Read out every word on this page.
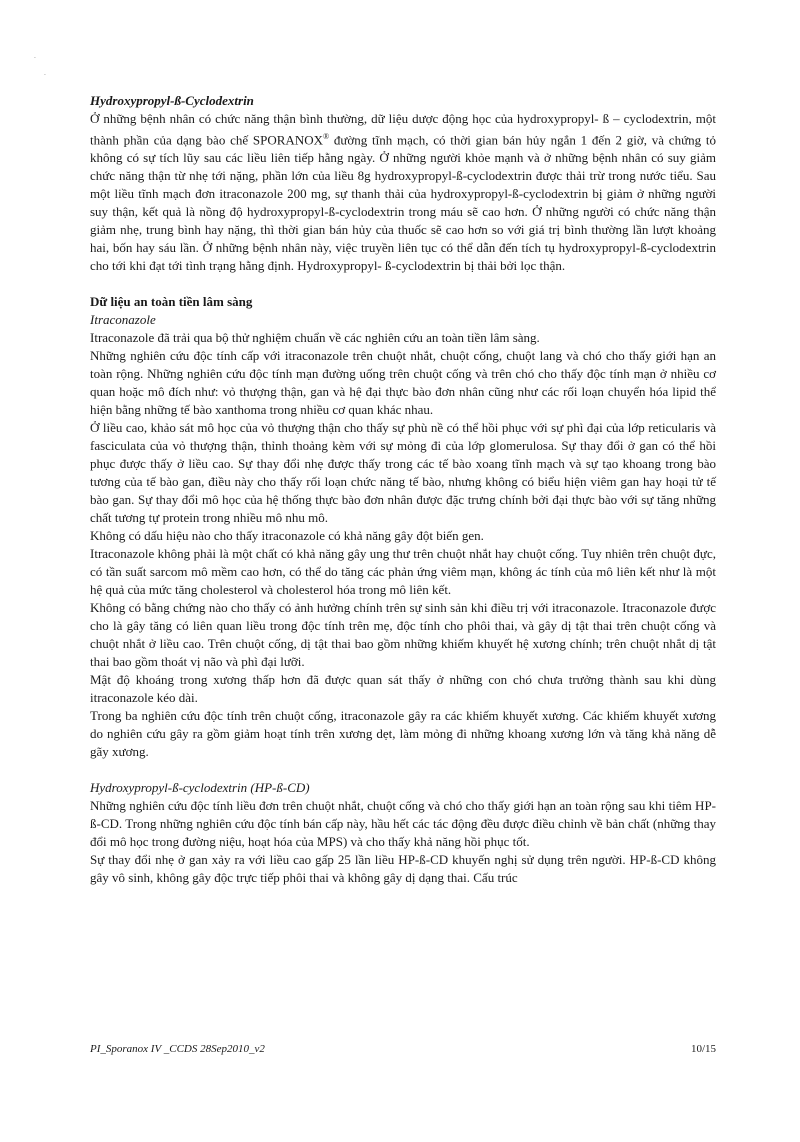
·
·
Hydroxypropyl-ß-Cyclodextrin

Ở những bệnh nhân có chức năng thận bình thường, dữ liệu dược động học của hydroxypropyl- ß – cyclodextrin, một thành phần của dạng bào chế SPORANOX® đường tĩnh mạch, có thời gian bán hủy ngắn 1 đến 2 giờ, và chứng tỏ không có sự tích lũy sau các liều liên tiếp hằng ngày. Ở những người khỏe mạnh và ở những bệnh nhân có suy giảm chức năng thận từ nhẹ tới nặng, phần lớn của liều 8g hydroxypropyl-ß-cyclodextrin được thải trừ trong nước tiểu. Sau một liều tĩnh mạch đơn itraconazole 200 mg, sự thanh thải của hydroxypropyl-ß-cyclodextrin bị giảm ở những người suy thận, kết quả là nồng độ hydroxypropyl-ß-cyclodextrin trong máu sẽ cao hơn. Ở những người có chức năng thận giảm nhẹ, trung bình hay nặng, thì thời gian bán hủy của thuốc sẽ cao hơn so với giá trị bình thường lần lượt khoảng hai, bốn hay sáu lần. Ở những bệnh nhân này, việc truyền liên tục có thể dẫn đến tích tụ hydroxypropyl-ß-cyclodextrin cho tới khi đạt tới tình trạng hằng định. Hydroxypropyl- ß-cyclodextrin bị thải bởi lọc thận.

Dữ liệu an toàn tiền lâm sàng
Itraconazole

Itraconazole đã trải qua bộ thử nghiệm chuẩn về các nghiên cứu an toàn tiền lâm sàng.

Những nghiên cứu độc tính cấp với itraconazole trên chuột nhắt, chuột cống, chuột lang và chó cho thấy giới hạn an toàn rộng. Những nghiên cứu độc tính mạn đường uống trên chuột cống và trên chó cho thấy độc tính mạn ở nhiều cơ quan hoặc mô đích như: vỏ thượng thận, gan và hệ đại thực bào đơn nhân cũng như các rối loạn chuyển hóa lipid thể hiện bằng những tế bào xanthoma trong nhiều cơ quan khác nhau.

Ở liều cao, khảo sát mô học của vỏ thượng thận cho thấy sự phù nề có thể hồi phục với sự phì đại của lớp reticularis và fasciculata của vỏ thượng thận, thỉnh thoảng kèm với sự mỏng đi của lớp glomerulosa. Sự thay đổi ở gan có thể hồi phục được thấy ở liều cao. Sự thay đổi nhẹ được thấy trong các tế bào xoang tĩnh mạch và sự tạo khoang trong bào tương của tế bào gan, điều này cho thấy rối loạn chức năng tế bào, nhưng không có biểu hiện viêm gan hay hoại tử tế bào gan. Sự thay đổi mô học của hệ thống thực bào đơn nhân được đặc trưng chính bởi đại thực bào với sự tăng những chất tương tự protein trong nhiều mô nhu mô.

Không có dấu hiệu nào cho thấy itraconazole có khả năng gây đột biến gen.

Itraconazole không phải là một chất có khả năng gây ung thư trên chuột nhắt hay chuột cống. Tuy nhiên trên chuột đực, có tần suất sarcom mô mềm cao hơn, có thể do tăng các phản ứng viêm mạn, không ác tính của mô liên kết như là một hệ quả của mức tăng cholesterol và cholesterol hóa trong mô liên kết.

Không có bằng chứng nào cho thấy có ảnh hưởng chính trên sự sinh sản khi điều trị với itraconazole. Itraconazole được cho là gây tăng có liên quan liều trong độc tính trên mẹ, độc tính cho phôi thai, và gây dị tật thai trên chuột cống và chuột nhắt ở liều cao. Trên chuột cống, dị tật thai bao gồm những khiếm khuyết hệ xương chính; trên chuột nhắt dị tật thai bao gồm thoát vị não và phì đại lưỡi.

Mật độ khoáng trong xương thấp hơn đã được quan sát thấy ở những con chó chưa trưởng thành sau khi dùng itraconazole kéo dài.

Trong ba nghiên cứu độc tính trên chuột cống, itraconazole gây ra các khiếm khuyết xương. Các khiếm khuyết xương do nghiên cứu gây ra gồm giảm hoạt tính trên xương dẹt, làm mỏng đi những khoang xương lớn và tăng khả năng dễ gãy xương.

Hydroxypropyl-ß-cyclodextrin (HP-ß-CD)

Những nghiên cứu độc tính liều đơn trên chuột nhắt, chuột cống và chó cho thấy giới hạn an toàn rộng sau khi tiêm HP-ß-CD. Trong những nghiên cứu độc tính bán cấp này, hầu hết các tác động đều được điều chỉnh về bản chất (những thay đổi mô học trong đường niệu, hoạt hóa của MPS) và cho thấy khả năng hồi phục tốt.

Sự thay đổi nhẹ ở gan xảy ra với liều cao gấp 25 lần liều HP-ß-CD khuyến nghị sử dụng trên người. HP-ß-CD không gây vô sinh, không gây độc trực tiếp phôi thai và không gây dị dạng thai. Cấu trúc

PI_Sporanox IV _CCDS 28Sep2010_v2	10/15
